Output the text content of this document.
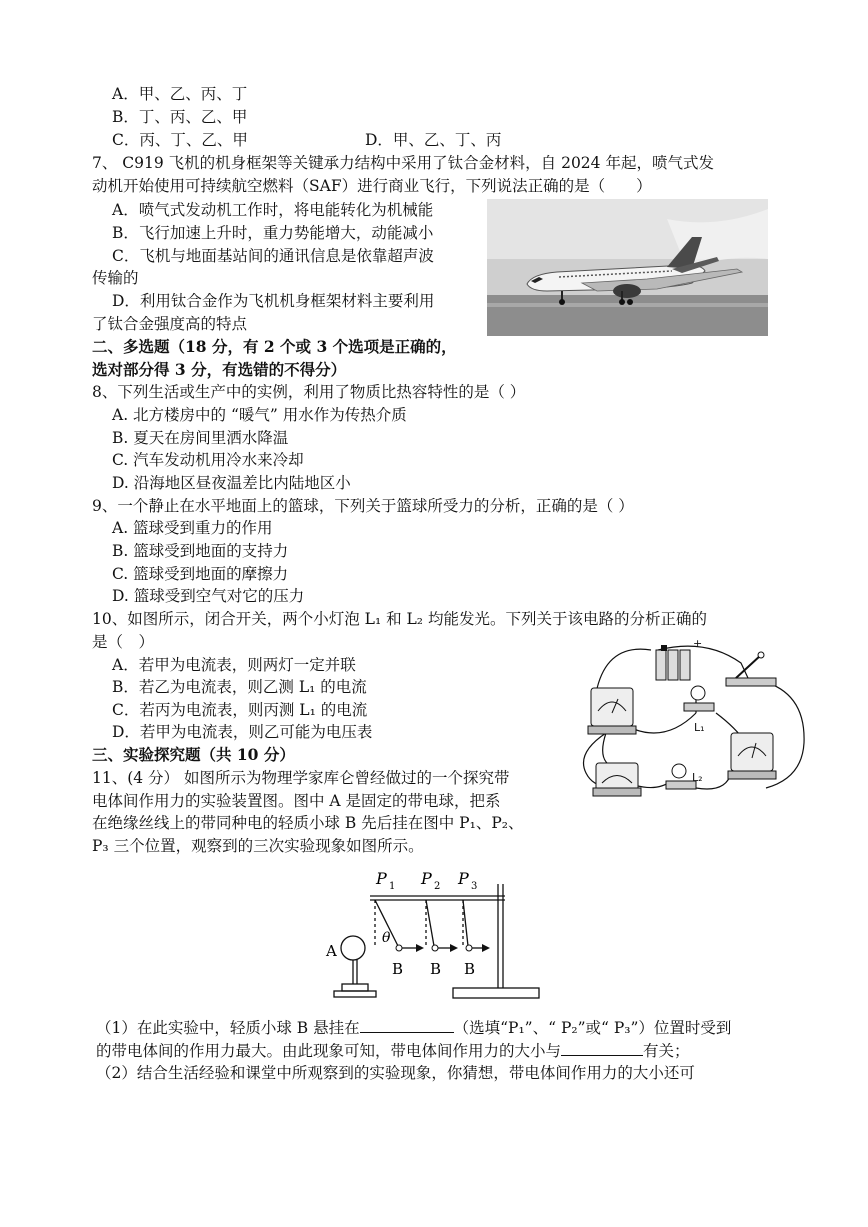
A．甲、乙、丙、丁
B．丁、丙、乙、甲
C．丙、丁、乙、甲	D．甲、乙、丁、丙
7、 C919 飞机的机身框架等关键承力结构中采用了钛合金材料，自 2024 年起，喷气式发
动机开始使用可持续航空燃料（SAF）进行商业飞行，下列说法正确的是（　　）
A．喷气式发动机工作时，将电能转化为机械能
B．飞行加速上升时，重力势能增大，动能减小
C．飞机与地面基站间的通讯信息是依靠超声波
传输的
D．利用钛合金作为飞机机身框架材料主要利用
了钛合金强度高的特点
二、多选题（18 分，有 2 个或 3 个选项是正确的，
选对部分得 3 分，有选错的不得分）
8、下列生活或生产中的实例，利用了物质比热容特性的是（ ）
A. 北方楼房中的 “暖气” 用水作为传热介质
B. 夏天在房间里洒水降温
C. 汽车发动机用冷水来冷却
D. 沿海地区昼夜温差比内陆地区小
9、一个静止在水平地面上的篮球，下列关于篮球所受力的分析，正确的是（ ）
A. 篮球受到重力的作用
B. 篮球受到地面的支持力
C. 篮球受到地面的摩擦力
D. 篮球受到空气对它的压力
10、如图所示，闭合开关，两个小灯泡 L₁ 和 L₂ 均能发光。下列关于该电路的分析正确的
是（　）
A．若甲为电流表，则两灯一定并联
B．若乙为电流表，则乙测 L₁ 的电流
C．若丙为电流表，则丙测 L₁ 的电流
D．若甲为电流表，则乙可能为电压表
+
L₁
L₂
三、实验探究题（共 10 分）
11、(4 分） 如图所示为物理学家库仑曾经做过的一个探究带
电体间作用力的实验装置图。图中 A 是固定的带电球，把系
在绝缘丝线上的带同种电的轻质小球 B 先后挂在图中 P₁、P₂、
P₃ 三个位置，观察到的三次实验现象如图所示。
P 1 P 2 P 3
A
θ
B B B
（1）在此实验中，轻质小球 B 悬挂在	（选填“P₁”、“ P₂”或“ P₃”）位置时受到
的带电体间的作用力最大。由此现象可知，带电体间作用力的大小与	有关；
（2）结合生活经验和课堂中所观察到的实验现象，你猜想，带电体间作用力的大小还可
